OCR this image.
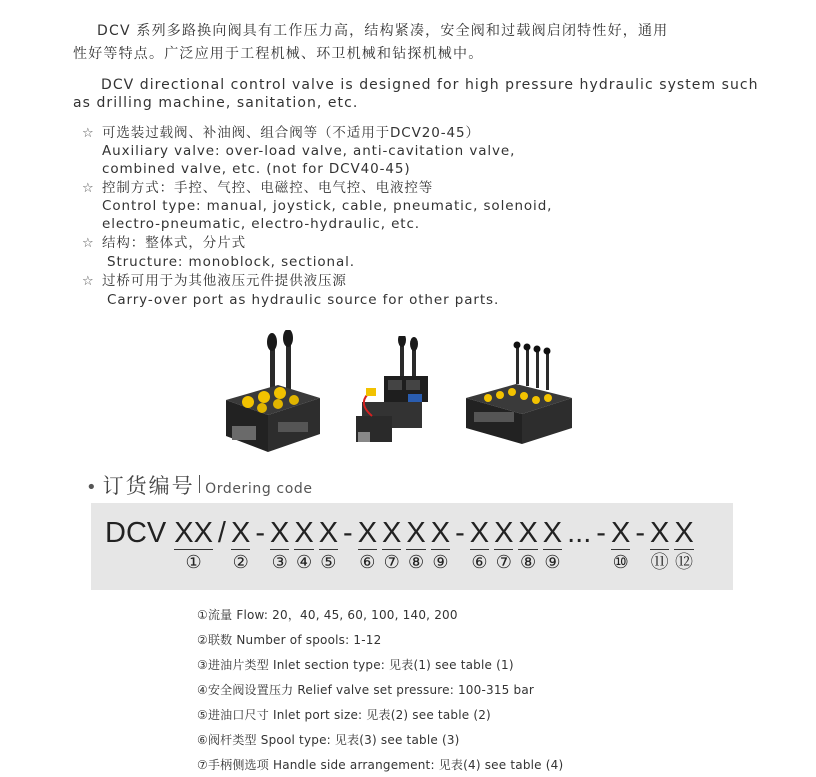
DCV 系列多路换向阀具有工作压力高，结构紧凑，安全阀和过载阀启闭特性好，通用
性好等特点。广泛应用于工程机械、环卫机械和钻探机械中。
DCV directional control valve is designed for high pressure hydraulic system such
as drilling machine, sanitation, etc.
☆ 可选装过载阀、补油阀、组合阀等（不适用于DCV20-45）
Auxiliary valve: over-load valve, anti-cavitation valve,
combined valve, etc. (not for DCV40-45)
☆ 控制方式：手控、气控、电磁控、电气控、电液控等
Control type: manual, joystick, cable, pneumatic, solenoid,
electro-pneumatic, electro-hydraulic, etc.
☆ 结构：整体式，分片式
Structure: monoblock, sectional.
☆ 过桥可用于为其他液压元件提供液压源
Carry-over port as hydraulic source for other parts.
• 订货编号 Ordering code
DCV XX
①
/ X
②
- X
③
X
④
X
⑤
- X
⑥
X
⑦
X
⑧
X
⑨
- X
⑥
X
⑦
X
⑧
X
⑨
... - X
⑩
- X
⑪
X
⑫
①流量 Flow: 20，40, 45, 60, 100, 140, 200
②联数 Number of spools: 1-12
③进油片类型 Inlet section type: 见表(1) see table (1)
④安全阀设置压力 Relief valve set pressure: 100-315 bar
⑤进油口尺寸 Inlet port size: 见表(2) see table (2)
⑥阀杆类型 Spool type: 见表(3) see table (3)
⑦手柄侧选项 Handle side arrangement: 见表(4) see table (4)
